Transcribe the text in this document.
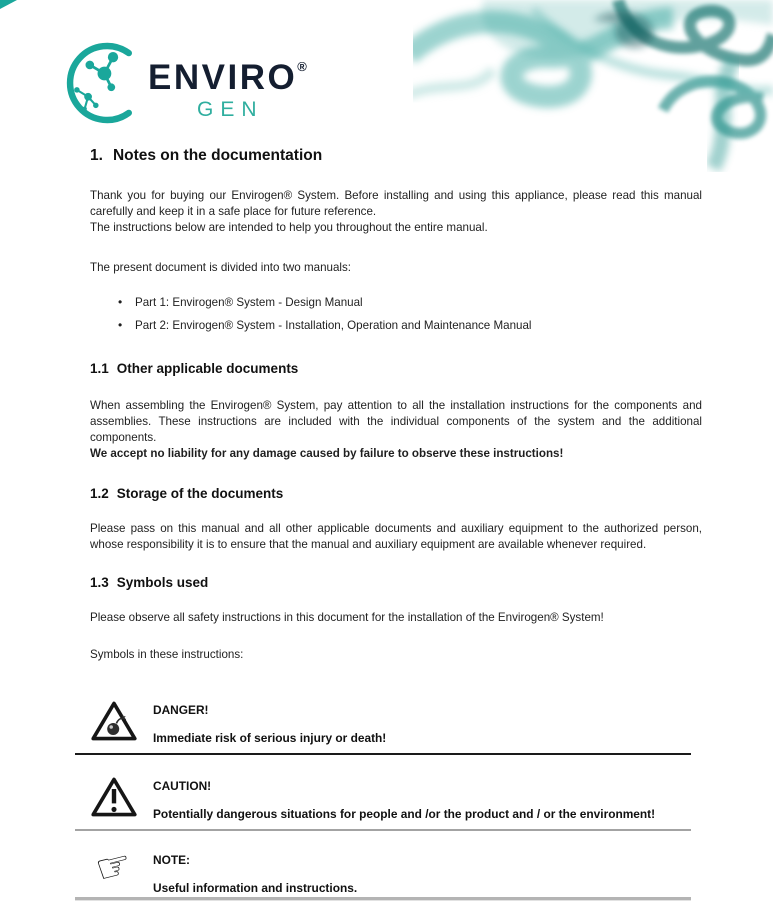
ENVIRO®
GEN
1. Notes on the documentation

Thank you for buying our Envirogen® System. Before installing and using this appliance, please read this manual carefully and keep it in a safe place for future reference.

The instructions below are intended to help you throughout the entire manual.

The present document is divided into two manuals:

• Part 1: Envirogen® System - Design Manual
• Part 2: Envirogen® System - Installation, Operation and Maintenance Manual
1.1 Other applicable documents

When assembling the Envirogen® System, pay attention to all the installation instructions for the components and assemblies. These instructions are included with the individual components of the system and the additional components.

We accept no liability for any damage caused by failure to observe these instructions!

1.2 Storage of the documents

Please pass on this manual and all other applicable documents and auxiliary equipment to the authorized person, whose responsibility it is to ensure that the manual and auxiliary equipment are available whenever required.

1.3 Symbols used

Please observe all safety instructions in this document for the installation of the Envirogen® System!

Symbols in these instructions:

DANGER!
Immediate risk of serious injury or death!
CAUTION!
Potentially dangerous situations for people and /or the product and / or the environment!
☞ NOTE:
Useful information and instructions.
